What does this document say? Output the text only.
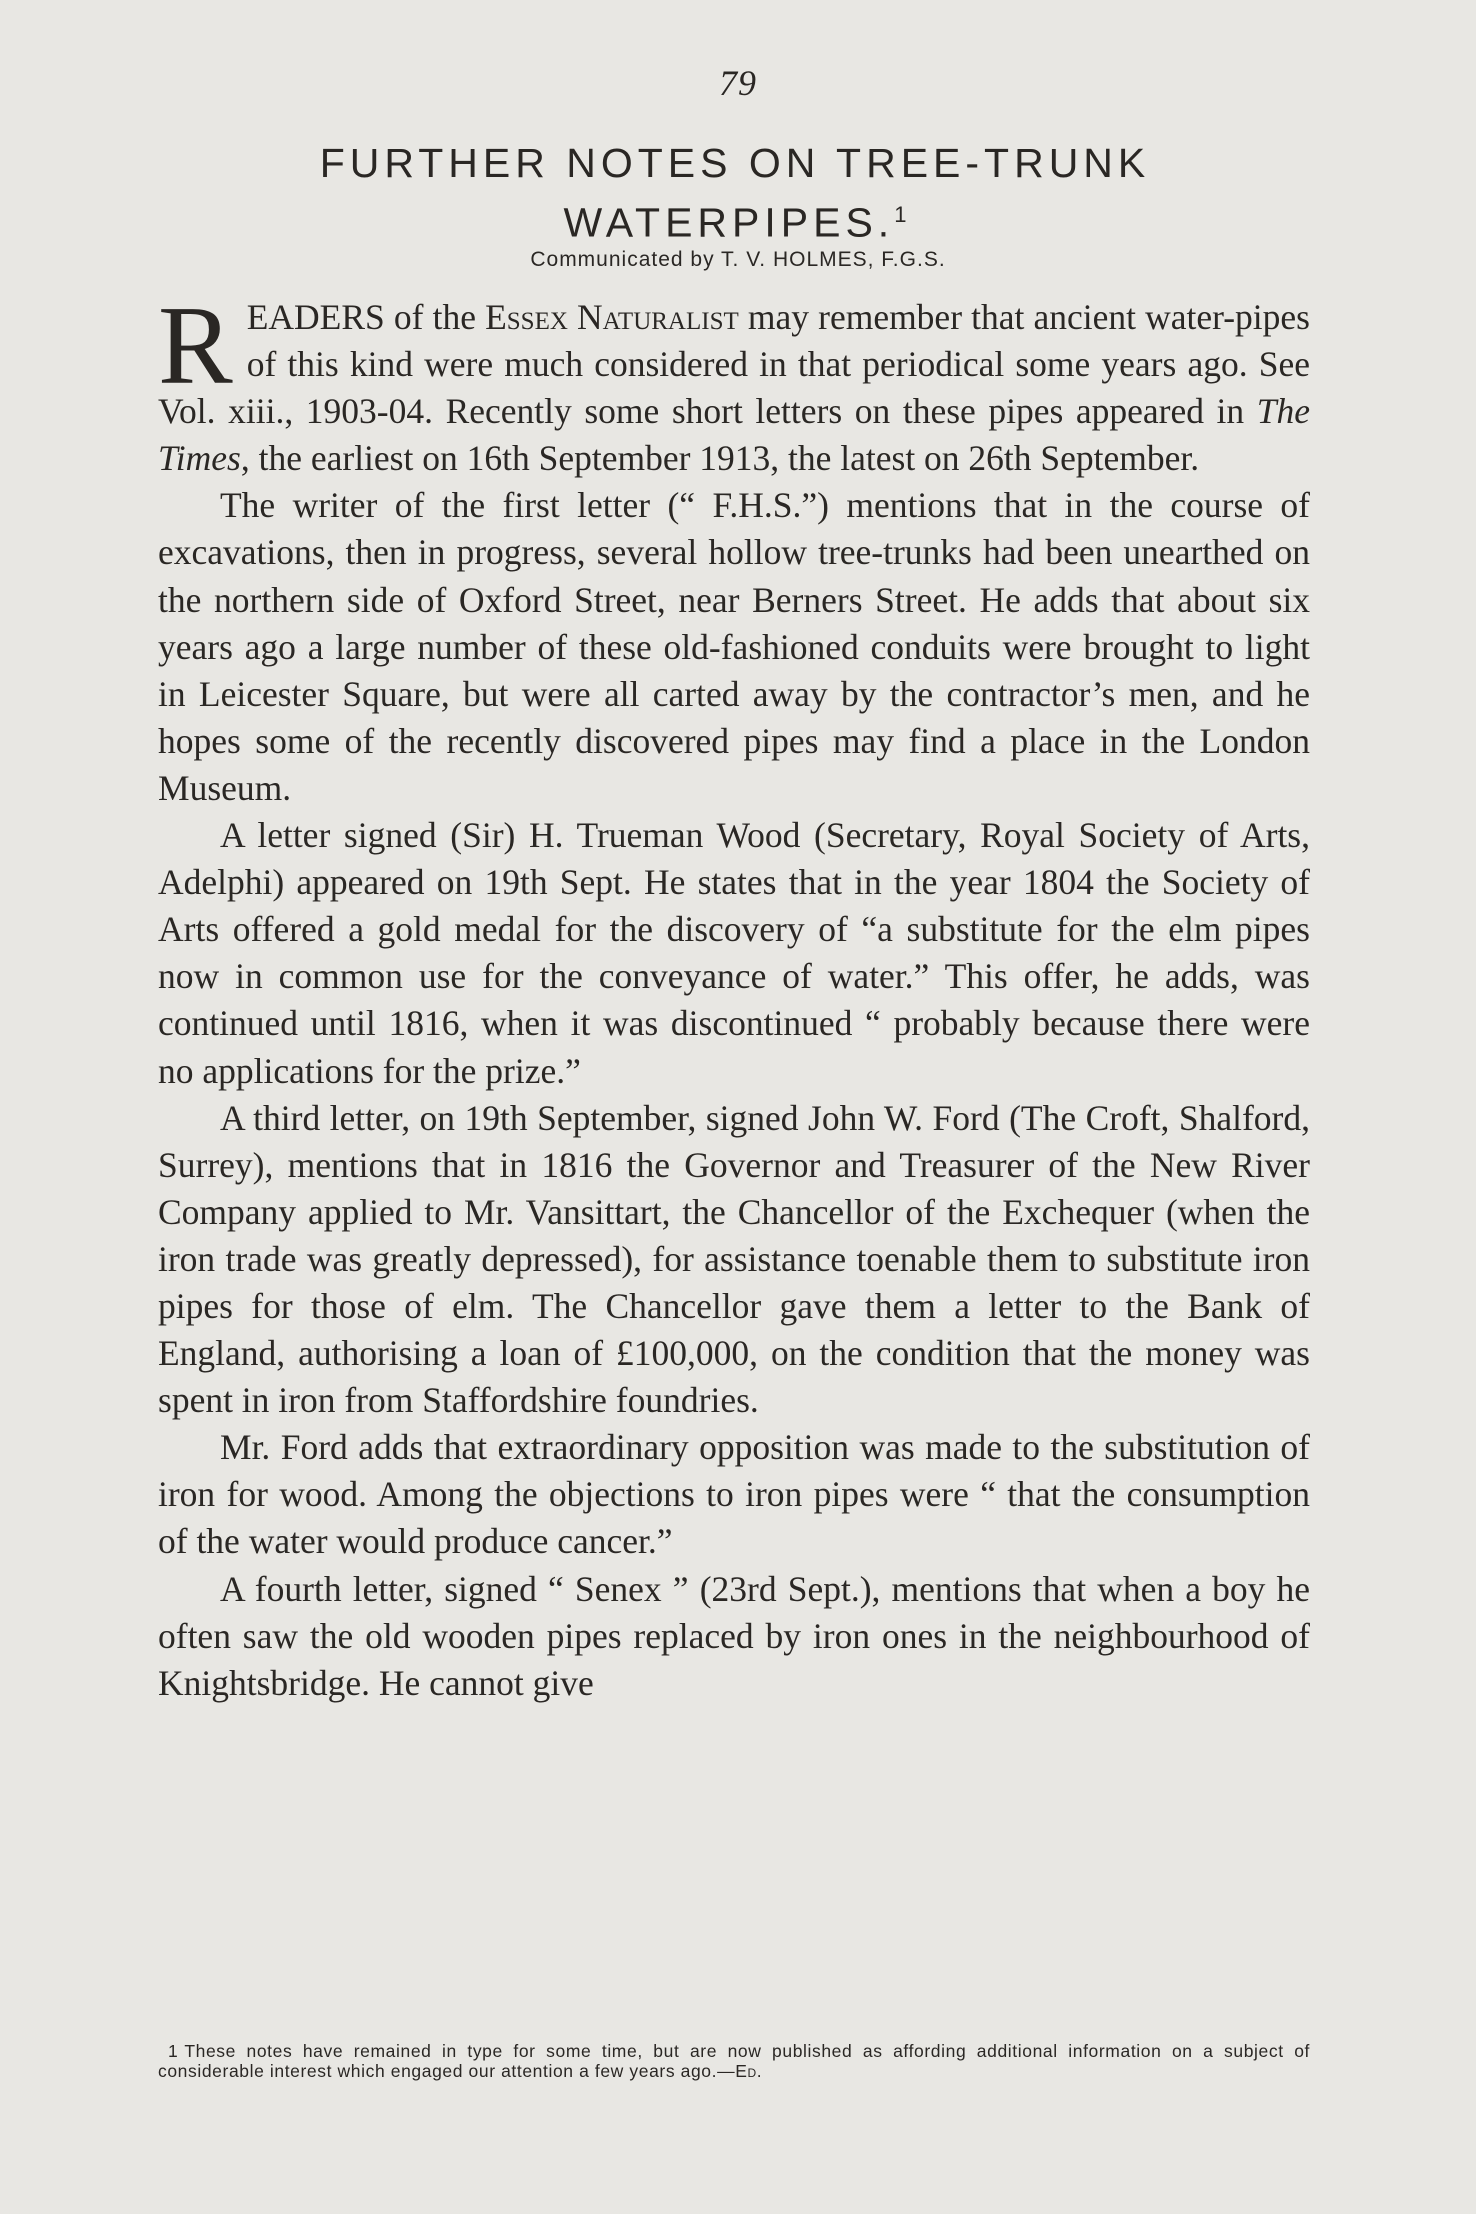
79
FURTHER NOTES ON TREE-TRUNK
WATERPIPES.$^1$
Communicated by T. V. HOLMES, F.G.S.

READERS of the Essex Naturalist may remember that ancient water-pipes of this kind were much considered in that periodical some years ago. See Vol. xiii., 1903-04. Recently some short letters on these pipes appeared in The Times, the earliest on 16th September 1913, the latest on 26th September.

The writer of the first letter (“ F.H.S.”) mentions that in the course of excavations, then in progress, several hollow tree-trunks had been unearthed on the northern side of Oxford Street, near Berners Street. He adds that about six years ago a large number of these old-fashioned conduits were brought to light in Leicester Square, but were all carted away by the contractor’s men, and he hopes some of the recently discovered pipes may find a place in the London Museum.

A letter signed (Sir) H. Trueman Wood (Secretary, Royal Society of Arts, Adelphi) appeared on 19th Sept. He states that in the year 1804 the Society of Arts offered a gold medal for the discovery of “a substitute for the elm pipes now in common use for the conveyance of water.” This offer, he adds, was continued until 1816, when it was discontinued “ probably because there were no applications for the prize.”

A third letter, on 19th September, signed John W. Ford (The Croft, Shalford, Surrey), mentions that in 1816 the Governor and Treasurer of the New River Company applied to Mr. Vansittart, the Chancellor of the Exchequer (when the iron trade was greatly depressed), for assistance toenable them to substitute iron pipes for those of elm. The Chancellor gave them a letter to the Bank of England, authorising a loan of £100,000, on the condition that the money was spent in iron from Staffordshire foundries.

Mr. Ford adds that extraordinary opposition was made to the substitution of iron for wood. Among the objections to iron pipes were “ that the consumption of the water would produce cancer.”

A fourth letter, signed “ Senex ” (23rd Sept.), mentions that when a boy he often saw the old wooden pipes replaced by iron ones in the neighbourhood of Knightsbridge. He cannot give

1 These notes have remained in type for some time, but are now published as affording additional information on a subject of considerable interest which engaged our attention a few years ago.—Ed.
